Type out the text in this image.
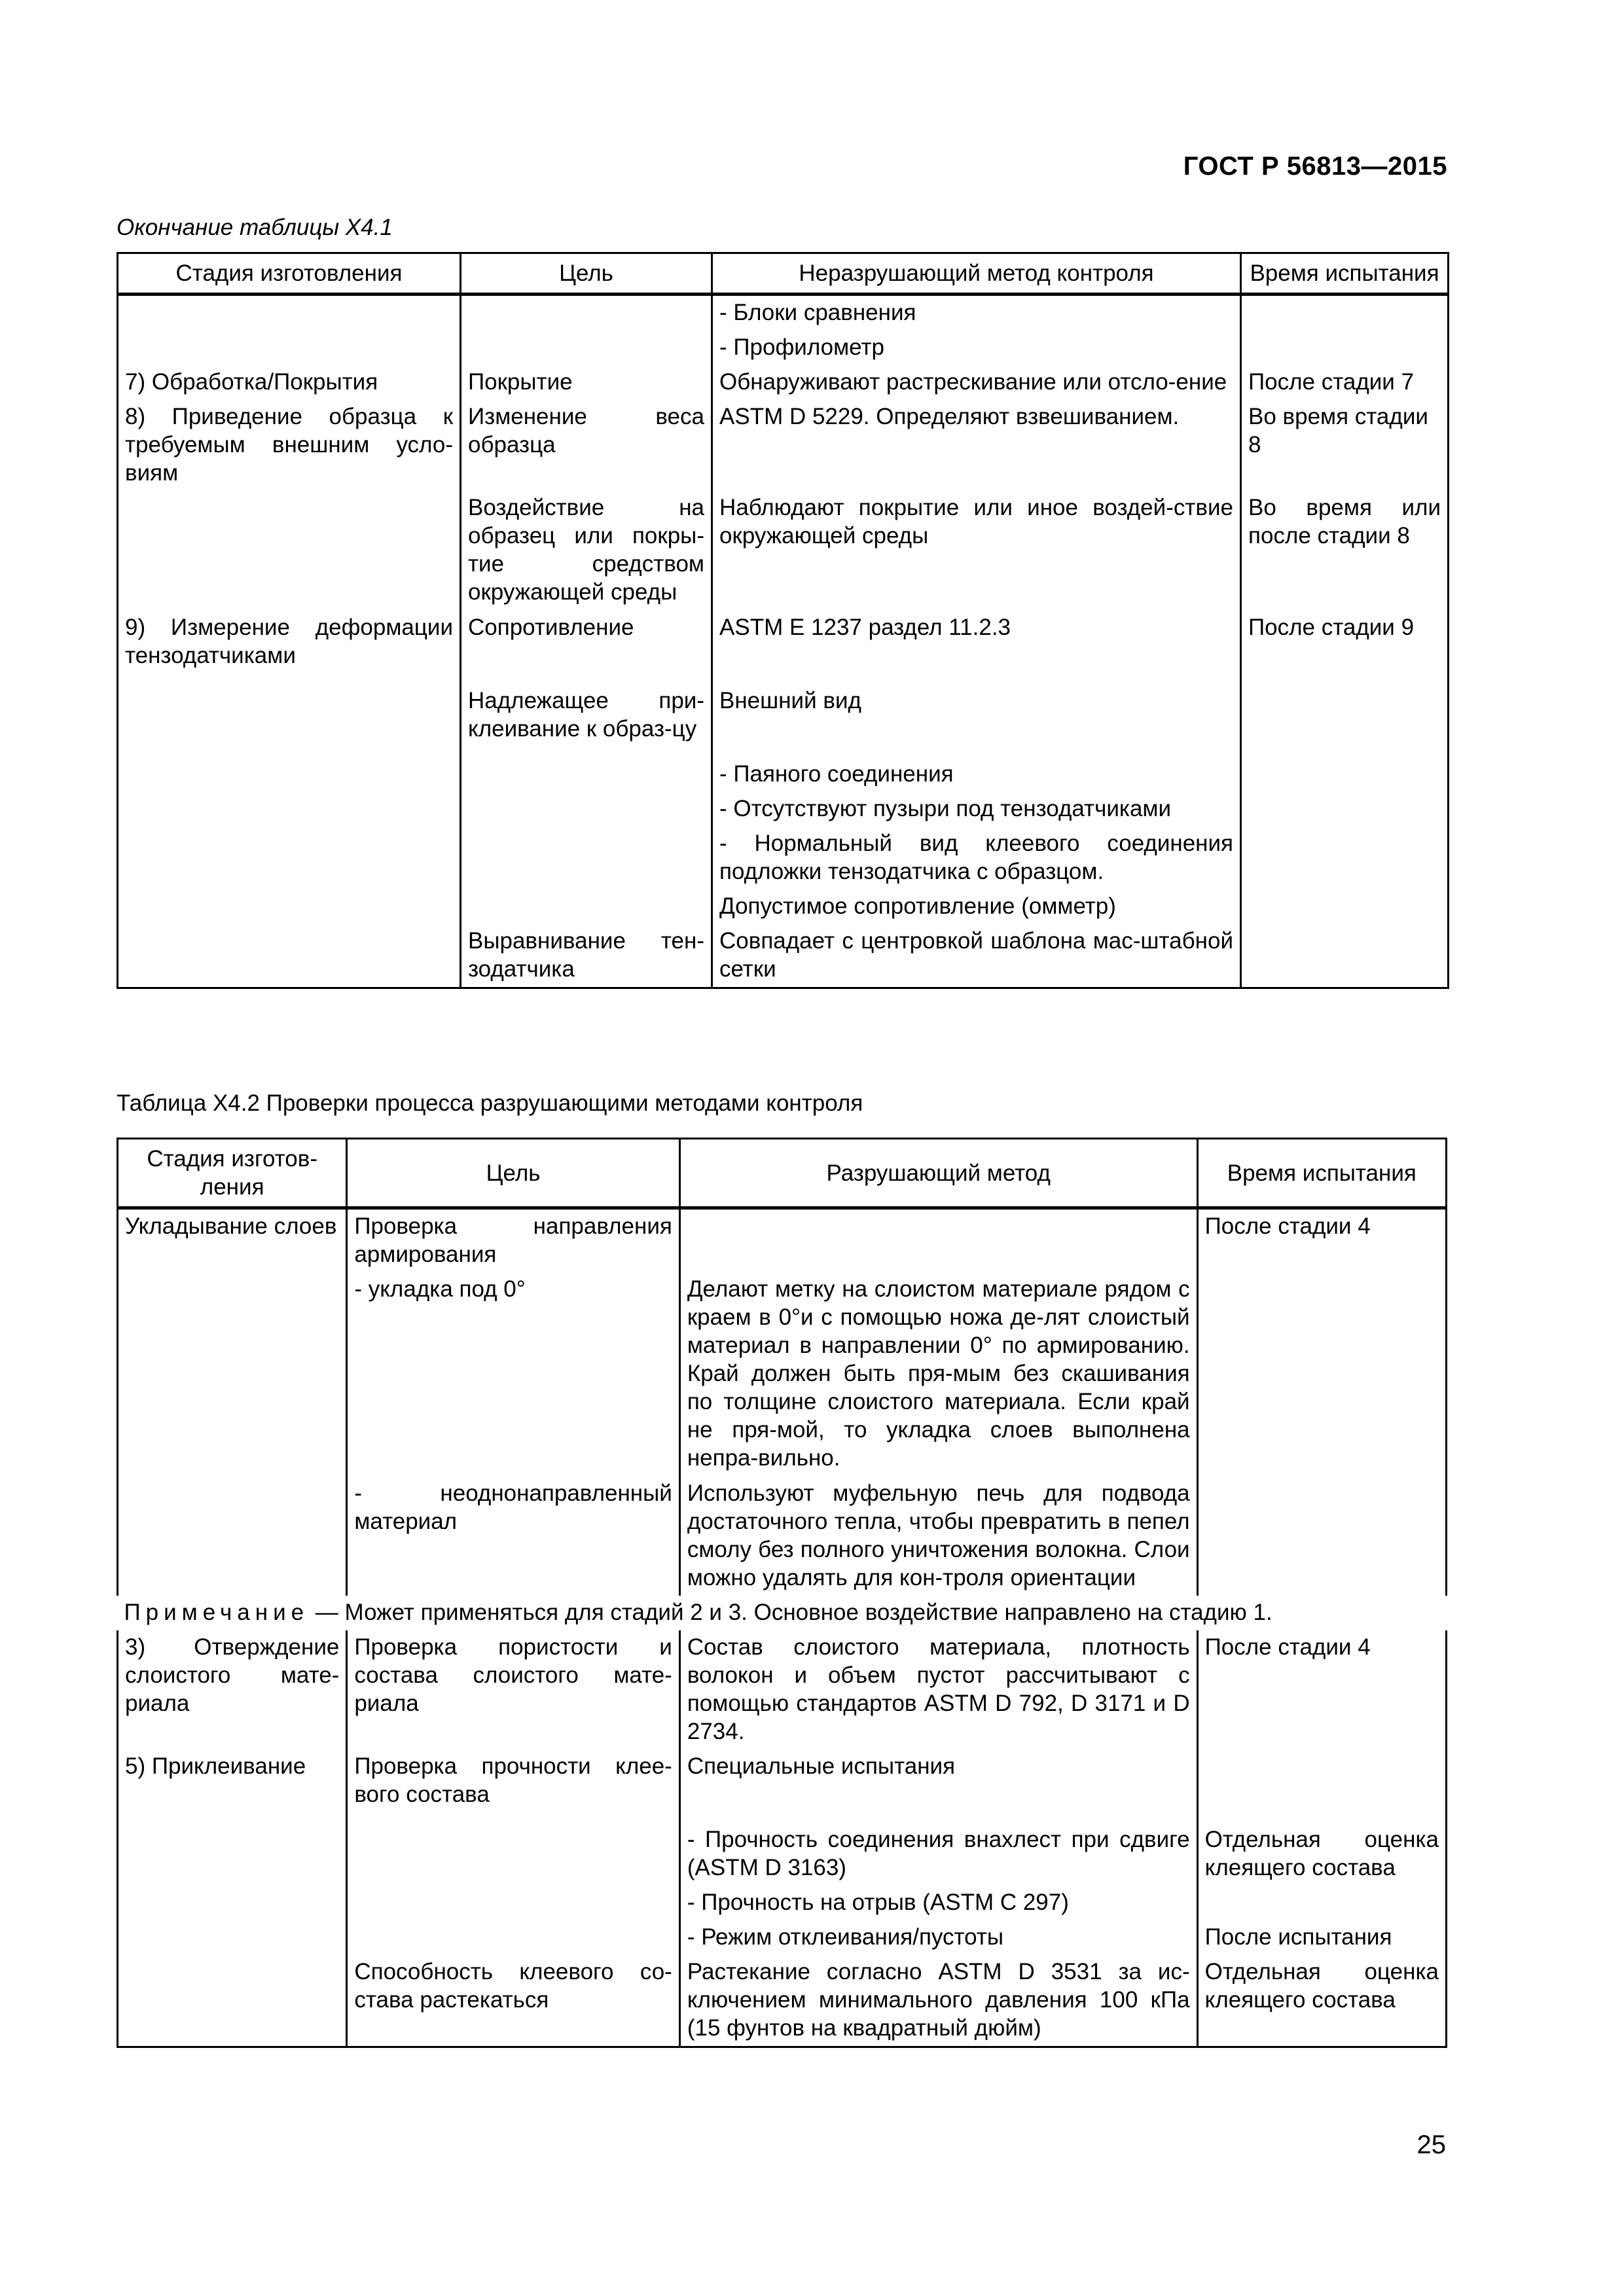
ГОСТ Р 56813—2015
Окончание таблицы Х4.1
Стадия изготовления	Цель	Неразрушающий метод контроля	Время испытания
		- Блоки сравнения	
		- Профилометр	
7) Обработка/Покрытия	Покрытие	Обнаруживают растрескивание или отсло-ение	После стадии 7
8) Приведение образца к требуемым внешним усло-виям	Изменение веса образца	ASTM D 5229. Определяют взвешиванием.	Во время стадии 8
	Воздействие на образец или покры-тие средством окружающей среды	Наблюдают покрытие или иное воздей-ствие окружающей среды	Во время или после стадии 8
9) Измерение деформации тензодатчиками	Сопротивление	ASTM E 1237 раздел 11.2.3	После стадии 9
	Надлежащее при-клеивание к образ-цу	Внешний вид	
		- Паяного соединения	
		- Отсутствуют пузыри под тензодатчиками	
		- Нормальный вид клеевого соединения подложки тензодатчика с образцом.	
		Допустимое сопротивление (омметр)	
	Выравнивание тен-зодатчика	Совпадает с центровкой шаблона мас-штабной сетки	
Таблица Х4.2 Проверки процесса разрушающими методами контроля
Стадия изготов-ления	Цель	Разрушающий метод	Время испытания
Укладывание слоев	Проверка направления армирования		После стадии 4
	- укладка под 0°	Делают метку на слоистом материале рядом с краем в 0°и с помощью ножа де-лят слоистый материал в направлении 0° по армированию. Край должен быть пря-мым без скашивания по толщине слоистого материала. Если край не пря-мой, то укладка слоев выполнена непра-вильно.	
	- неоднонаправленный материал	Используют муфельную печь для подвода достаточного тепла, чтобы превратить в пепел смолу без полного уничтожения волокна. Слои можно удалять для кон-троля ориентации	
Примечание — Может применяться для стадий 2 и 3. Основное воздействие направлено на стадию 1.			
3) Отверждение слоистого мате-риала	Проверка пористости и состава слоистого мате-риала	Состав слоистого материала, плотность волокон и объем пустот рассчитывают с помощью стандартов ASTM D 792, D 3171 и D 2734.	После стадии 4
5) Приклеивание	Проверка прочности клее-вого состава	Специальные испытания	
		- Прочность соединения внахлест при сдвиге (ASTM D 3163)	Отдельная оценка клеящего состава
		- Прочность на отрыв (ASTM C 297)	
		- Режим отклеивания/пустоты	После испытания
	Способность клеевого со-става растекаться	Растекание согласно ASTM D 3531 за ис-ключением минимального давления 100 кПа (15 фунтов на квадратный дюйм)	Отдельная оценка клеящего состава
25
